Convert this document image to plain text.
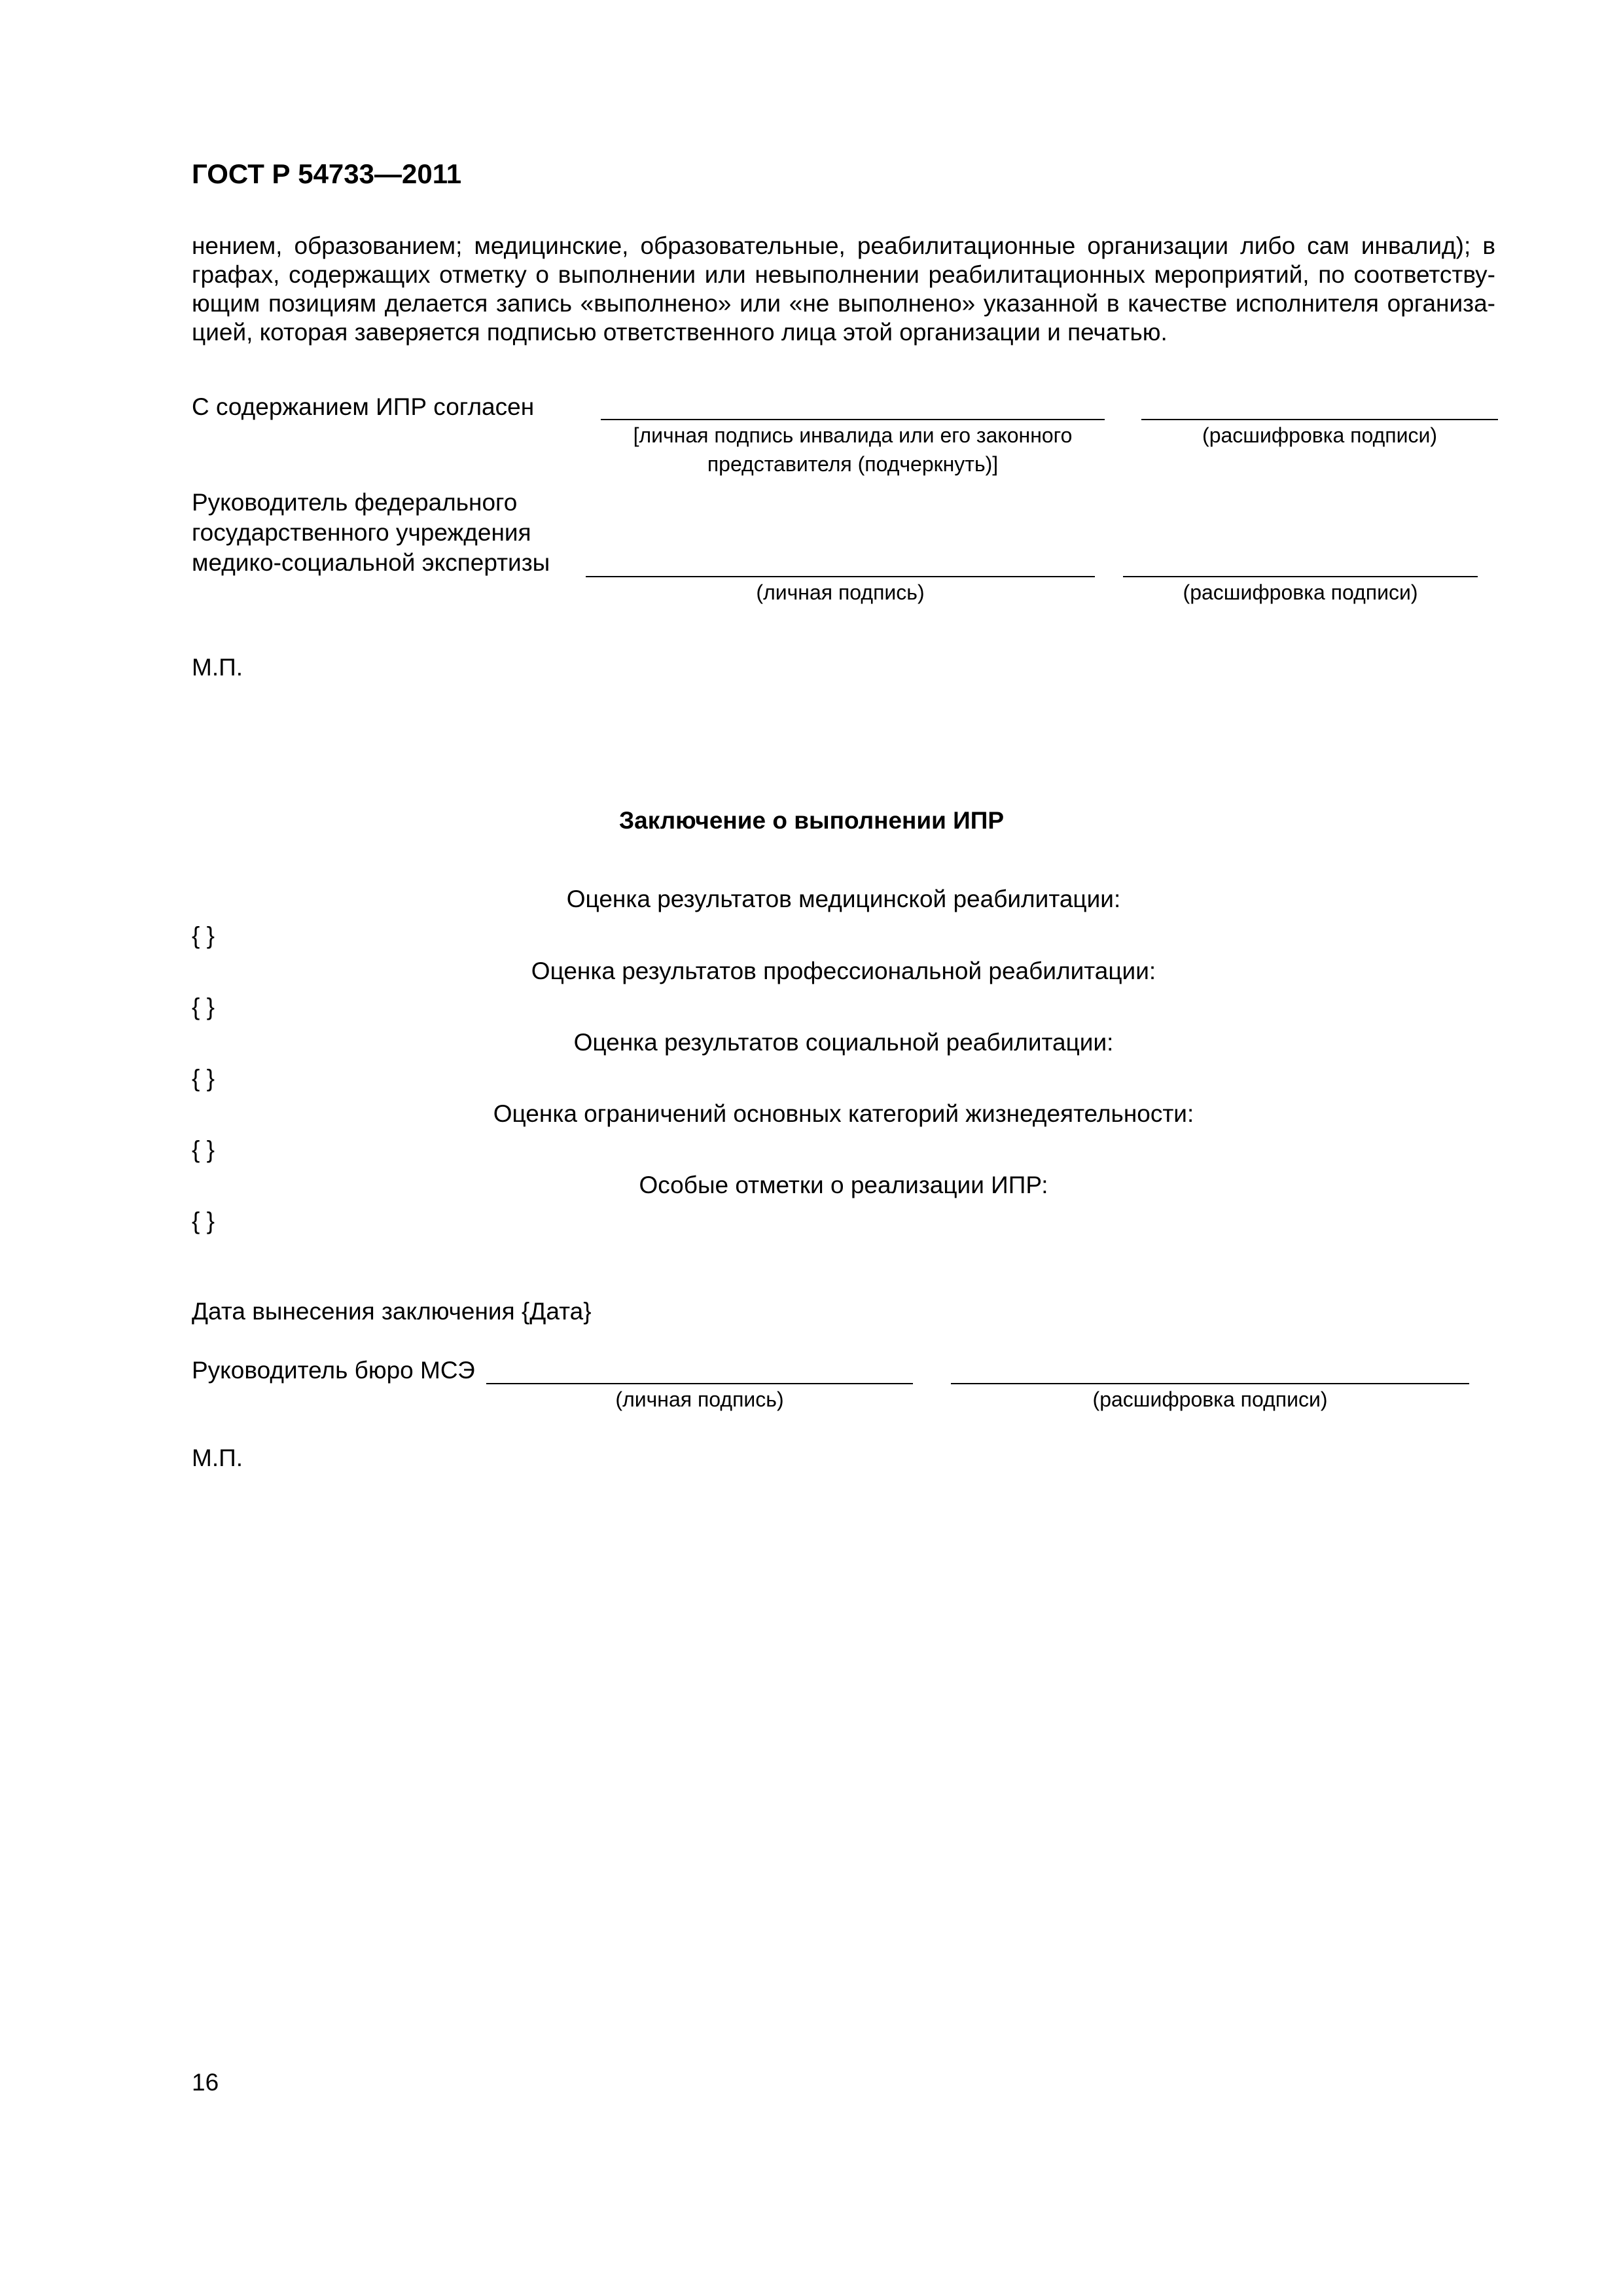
ГОСТ Р 54733—2011
нением, образованием; медицинские, образовательные, реабилитационные организации либо сам инвалид); в
графах, содержащих отметку о выполнении или невыполнении реабилитационных мероприятий, по соответству-
ющим позициям делается запись «выполнено» или «не выполнено» указанной в качестве исполнителя организа-
цией, которая заверяется подписью ответственного лица этой организации и печатью.
С содержанием ИПР согласен
[личная подпись инвалида или его законного
представителя (подчеркнуть)]
(расшифровка подписи)
Руководитель федерального
государственного учреждения
медико-социальной экспертизы
(личная подпись)	(расшифровка подписи)
М.П.
Заключение о выполнении ИПР
Оценка результатов медицинской реабилитации:
{ }
Оценка результатов профессиональной реабилитации:
{ }
Оценка результатов социальной реабилитации:
{ }
Оценка ограничений основных категорий жизнедеятельности:
{ }
Особые отметки о реализации ИПР:
{ }
Дата вынесения заключения {Дата}
Руководитель бюро МСЭ
(личная подпись)	(расшифровка подписи)
М.П.
16
